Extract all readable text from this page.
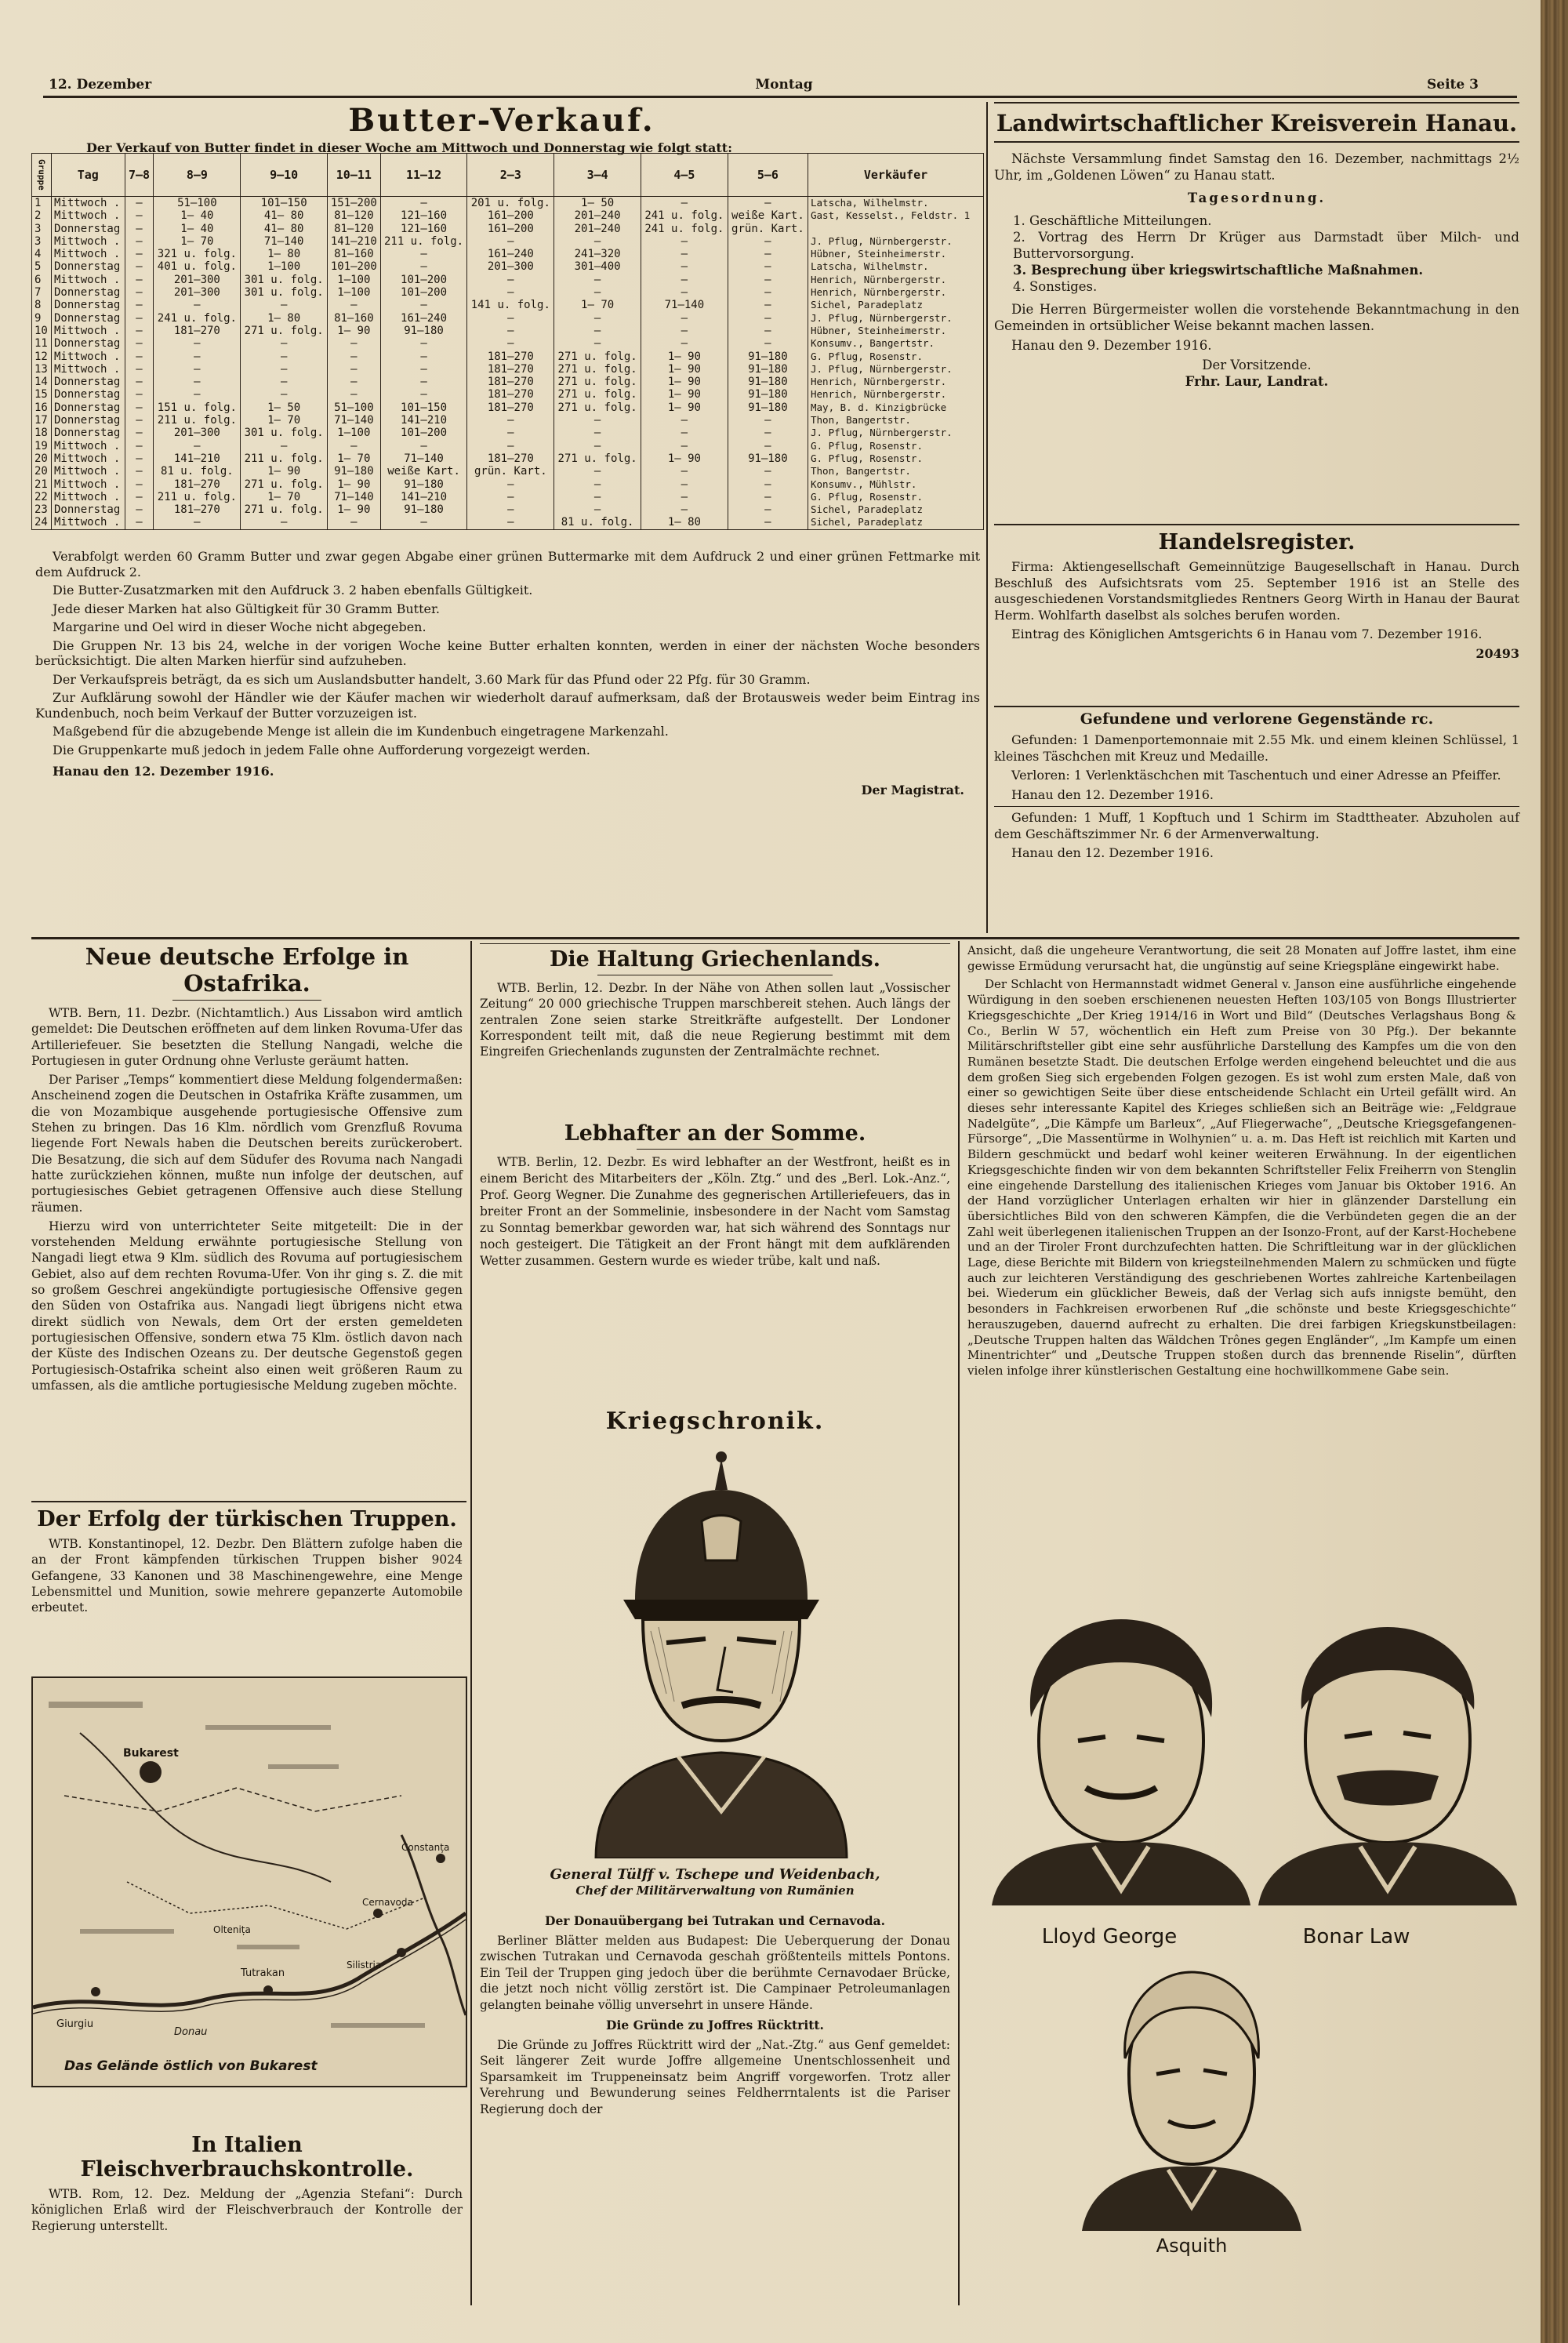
12. Dezember	Montag	Seite 3
Butter-Verkauf.
Der Verkauf von Butter findet in dieser Woche am Mittwoch und Donnerstag wie folgt statt:
Gruppe	Tag	7—8	8—9	9—10	10—11	11—12	2—3	3—4	4—5	5—6	Verkäufer
1	Mittwoch .	—	51—100	101—150	151—200	—	201 u. folg.	1— 50	—	—	Latscha, Wilhelmstr.
2	Mittwoch .	—	1— 40	41— 80	81—120	121—160	161—200	201—240	241 u. folg.	weiße Kart.	Gast, Kesselst., Feldstr. 1
3	Donnerstag	—	1— 40	41— 80	81—120	121—160	161—200	201—240	241 u. folg.	grün. Kart.	
3	Mittwoch .	—	1— 70	71—140	141—210	211 u. folg.	—	—	—	—	J. Pflug, Nürnbergerstr.
4	Mittwoch .	—	321 u. folg.	1— 80	81—160	—	161—240	241—320	—	—	Hübner, Steinheimerstr.
5	Donnerstag	—	401 u. folg.	1—100	101—200	—	201—300	301—400	—	—	Latscha, Wilhelmstr.
6	Mittwoch .	—	201—300	301 u. folg.	1—100	101—200	—	—	—	—	Henrich, Nürnbergerstr.
7	Donnerstag	—	201—300	301 u. folg.	1—100	101—200	—	—	—	—	Henrich, Nürnbergerstr.
8	Donnerstag	—	—	—	—	—	141 u. folg.	1— 70	71—140	—	Sichel, Paradeplatz
9	Donnerstag	—	241 u. folg.	1— 80	81—160	161—240	—	—	—	—	J. Pflug, Nürnbergerstr.
10	Mittwoch .	—	181—270	271 u. folg.	1— 90	91—180	—	—	—	—	Hübner, Steinheimerstr.
11	Donnerstag	—	—	—	—	—	—	—	—	—	Konsumv., Bangertstr.
12	Mittwoch .	—	—	—	—	—	181—270	271 u. folg.	1— 90	91—180	G. Pflug, Rosenstr.
13	Mittwoch .	—	—	—	—	—	181—270	271 u. folg.	1— 90	91—180	J. Pflug, Nürnbergerstr.
14	Donnerstag	—	—	—	—	—	181—270	271 u. folg.	1— 90	91—180	Henrich, Nürnbergerstr.
15	Donnerstag	—	—	—	—	—	181—270	271 u. folg.	1— 90	91—180	Henrich, Nürnbergerstr.
16	Donnerstag	—	151 u. folg.	1— 50	51—100	101—150	181—270	271 u. folg.	1— 90	91—180	May, B. d. Kinzigbrücke
17	Donnerstag	—	211 u. folg.	1— 70	71—140	141—210	—	—	—	—	Thon, Bangertstr.
18	Donnerstag	—	201—300	301 u. folg.	1—100	101—200	—	—	—	—	J. Pflug, Nürnbergerstr.
19	Mittwoch .	—	—	—	—	—	—	—	—	—	G. Pflug, Rosenstr.
20	Mittwoch .	—	141—210	211 u. folg.	1— 70	71—140	181—270	271 u. folg.	1— 90	91—180	G. Pflug, Rosenstr.
20	Mittwoch .	—	81 u. folg.	1— 90	91—180	weiße Kart.	grün. Kart.	—	—	—	Thon, Bangertstr.
21	Mittwoch .	—	181—270	271 u. folg.	1— 90	91—180	—	—	—	—	Konsumv., Mühlstr.
22	Mittwoch .	—	211 u. folg.	1— 70	71—140	141—210	—	—	—	—	G. Pflug, Rosenstr.
23	Donnerstag	—	181—270	271 u. folg.	1— 90	91—180	—	—	—	—	Sichel, Paradeplatz
24	Mittwoch .	—	—	—	—	—	—	81 u. folg.	1— 80	—	Sichel, Paradeplatz

Verabfolgt werden 60 Gramm Butter und zwar gegen Abgabe einer grünen Buttermarke mit dem Aufdruck 2 und einer grünen Fettmarke mit dem Aufdruck 2.

Die Butter-Zusatzmarken mit den Aufdruck 3. 2 haben ebenfalls Gültigkeit.

Jede dieser Marken hat also Gültigkeit für 30 Gramm Butter.

Margarine und Oel wird in dieser Woche nicht abgegeben.

Die Gruppen Nr. 13 bis 24, welche in der vorigen Woche keine Butter erhalten konnten, werden in einer der nächsten Woche besonders berücksichtigt. Die alten Marken hierfür sind aufzuheben.

Der Verkaufspreis beträgt, da es sich um Auslandsbutter handelt, 3.60 Mark für das Pfund oder 22 Pfg. für 30 Gramm.

Zur Aufklärung sowohl der Händler wie der Käufer machen wir wiederholt darauf aufmerksam, daß der Brotausweis weder beim Eintrag ins Kundenbuch, noch beim Verkauf der Butter vorzuzeigen ist.

Maßgebend für die abzugebende Menge ist allein die im Kundenbuch eingetragene Markenzahl.

Die Gruppenkarte muß jedoch in jedem Falle ohne Aufforderung vorgezeigt werden.

Hanau den 12. Dezember 1916.

Der Magistrat.
Landwirtschaftlicher Kreisverein Hanau.

Nächste Versammlung findet Samstag den 16. Dezember, nachmittags 2½ Uhr, im „Goldenen Löwen“ zu Hanau statt.

Tagesordnung.
1. Geschäftliche Mitteilungen.
2. Vortrag des Herrn Dr Krüger aus Darmstadt über Milch- und Buttervorsorgung.
3. Besprechung über kriegswirtschaftliche Maßnahmen.
4. Sonstiges.

Die Herren Bürgermeister wollen die vorstehende Bekanntmachung in den Gemeinden in ortsüblicher Weise bekannt machen lassen.

Hanau den 9. Dezember 1916.

Der Vorsitzende.
Frhr. Laur, Landrat.
Handelsregister.

Firma: Aktiengesellschaft Gemeinnützige Baugesellschaft in Hanau. Durch Beschluß des Aufsichtsrats vom 25. September 1916 ist an Stelle des ausgeschiedenen Vorstandsmitgliedes Rentners Georg Wirth in Hanau der Baurat Herm. Wohlfarth daselbst als solches berufen worden.

Eintrag des Königlichen Amtsgerichts 6 in Hanau vom 7. Dezember 1916.

20493
Gefundene und verlorene Gegenstände rc.

Gefunden: 1 Damenportemonnaie mit 2.55 Mk. und einem kleinen Schlüssel, 1 kleines Täschchen mit Kreuz und Medaille.

Verloren: 1 Verlenktäschchen mit Taschentuch und einer Adresse an Pfeiffer.

Hanau den 12. Dezember 1916.

Gefunden: 1 Muff, 1 Kopftuch und 1 Schirm im Stadttheater. Abzuholen auf dem Geschäftszimmer Nr. 6 der Armenverwaltung.

Hanau den 12. Dezember 1916.

Neue deutsche Erfolge in Ostafrika.

WTB. Bern, 11. Dezbr. (Nichtamtlich.) Aus Lissabon wird amtlich gemeldet: Die Deutschen eröffneten auf dem linken Rovuma-Ufer das Artilleriefeuer. Sie besetzten die Stellung Nangadi, welche die Portugiesen in guter Ordnung ohne Verluste geräumt hatten.

Der Pariser „Temps“ kommentiert diese Meldung folgendermaßen: Anscheinend zogen die Deutschen in Ostafrika Kräfte zusammen, um die von Mozambique ausgehende portugiesische Offensive zum Stehen zu bringen. Das 16 Klm. nördlich vom Grenzfluß Rovuma liegende Fort Newals haben die Deutschen bereits zurückerobert. Die Besatzung, die sich auf dem Südufer des Rovuma nach Nangadi hatte zurückziehen können, mußte nun infolge der deutschen, auf portugiesisches Gebiet getragenen Offensive auch diese Stellung räumen.

Hierzu wird von unterrichteter Seite mitgeteilt: Die in der vorstehenden Meldung erwähnte portugiesische Stellung von Nangadi liegt etwa 9 Klm. südlich des Rovuma auf portugiesischem Gebiet, also auf dem rechten Rovuma-Ufer. Von ihr ging s. Z. die mit so großem Geschrei angekündigte portugiesische Offensive gegen den Süden von Ostafrika aus. Nangadi liegt übrigens nicht etwa direkt südlich von Newals, dem Ort der ersten gemeldeten portugiesischen Offensive, sondern etwa 75 Klm. östlich davon nach der Küste des Indischen Ozeans zu. Der deutsche Gegenstoß gegen Portugiesisch-Ostafrika scheint also einen weit größeren Raum zu umfassen, als die amtliche portugiesische Meldung zugeben möchte.

Der Erfolg der türkischen Truppen.

WTB. Konstantinopel, 12. Dezbr. Den Blättern zufolge haben die an der Front kämpfenden türkischen Truppen bisher 9024 Gefangene, 33 Kanonen und 38 Maschinengewehre, eine Menge Lebensmittel und Munition, sowie mehrere gepanzerte Automobile erbeutet.

Bukarest
Giurgiu
Tutrakan
Donau
Oltenița
Silistria
Constanța
Cernavoda
Das Gelände östlich von Bukarest
In Italien Fleischverbrauchskontrolle.

WTB. Rom, 12. Dez. Meldung der „Agenzia Stefani“: Durch königlichen Erlaß wird der Fleischverbrauch der Kontrolle der Regierung unterstellt.

Die Haltung Griechenlands.

WTB. Berlin, 12. Dezbr. In der Nähe von Athen sollen laut „Vossischer Zeitung“ 20 000 griechische Truppen marschbereit stehen. Auch längs der zentralen Zone seien starke Streitkräfte aufgestellt. Der Londoner Korrespondent teilt mit, daß die neue Regierung bestimmt mit dem Eingreifen Griechenlands zugunsten der Zentralmächte rechnet.

Lebhafter an der Somme.

WTB. Berlin, 12. Dezbr. Es wird lebhafter an der Westfront, heißt es in einem Bericht des Mitarbeiters der „Köln. Ztg.“ und des „Berl. Lok.-Anz.“, Prof. Georg Wegner. Die Zunahme des gegnerischen Artilleriefeuers, das in breiter Front an der Sommelinie, insbesondere in der Nacht vom Samstag zu Sonntag bemerkbar geworden war, hat sich während des Sonntags nur noch gesteigert. Die Tätigkeit an der Front hängt mit dem aufklärenden Wetter zusammen. Gestern wurde es wieder trübe, kalt und naß.

Kriegschronik.
General Tülff v. Tschepe und Weidenbach,
Chef der Militärverwaltung von Rumänien
Der Donauübergang bei Tutrakan und Cernavoda.

Berliner Blätter melden aus Budapest: Die Ueberquerung der Donau zwischen Tutrakan und Cernavoda geschah größtenteils mittels Pontons. Ein Teil der Truppen ging jedoch über die berühmte Cernavodaer Brücke, die jetzt noch nicht völlig zerstört ist. Die Campinaer Petroleumanlagen gelangten beinahe völlig unversehrt in unsere Hände.

Die Gründe zu Joffres Rücktritt.

Die Gründe zu Joffres Rücktritt wird der „Nat.-Ztg.“ aus Genf gemeldet: Seit längerer Zeit wurde Joffre allgemeine Unentschlossenheit und Sparsamkeit im Truppeneinsatz beim Angriff vorgeworfen. Trotz aller Verehrung und Bewunderung seines Feldherrntalents ist die Pariser Regierung doch der

Ansicht, daß die ungeheure Verantwortung, die seit 28 Monaten auf Joffre lastet, ihm eine gewisse Ermüdung verursacht hat, die ungünstig auf seine Kriegspläne eingewirkt habe.

Der Schlacht von Hermannstadt widmet General v. Janson eine ausführliche eingehende Würdigung in den soeben erschienenen neuesten Heften 103/105 von Bongs Illustrierter Kriegsgeschichte „Der Krieg 1914/16 in Wort und Bild“ (Deutsches Verlagshaus Bong & Co., Berlin W 57, wöchentlich ein Heft zum Preise von 30 Pfg.). Der bekannte Militärschriftsteller gibt eine sehr ausführliche Darstellung des Kampfes um die von den Rumänen besetzte Stadt. Die deutschen Erfolge werden eingehend beleuchtet und die aus dem großen Sieg sich ergebenden Folgen gezogen. Es ist wohl zum ersten Male, daß von einer so gewichtigen Seite über diese entscheidende Schlacht ein Urteil gefällt wird. An dieses sehr interessante Kapitel des Krieges schließen sich an Beiträge wie: „Feldgraue Nadelgüte“, „Die Kämpfe um Barleux“, „Auf Fliegerwache“, „Deutsche Kriegsgefangenen-Fürsorge“, „Die Massentürme in Wolhynien“ u. a. m. Das Heft ist reichlich mit Karten und Bildern geschmückt und bedarf wohl keiner weiteren Erwähnung. In der eigentlichen Kriegsgeschichte finden wir von dem bekannten Schriftsteller Felix Freiherrn von Stenglin eine eingehende Darstellung des italienischen Krieges vom Januar bis Oktober 1916. An der Hand vorzüglicher Unterlagen erhalten wir hier in glänzender Darstellung ein übersichtliches Bild von den schweren Kämpfen, die die Verbündeten gegen die an der Zahl weit überlegenen italienischen Truppen an der Isonzo-Front, auf der Karst-Hochebene und an der Tiroler Front durchzufechten hatten. Die Schriftleitung war in der glücklichen Lage, diese Berichte mit Bildern von kriegsteilnehmenden Malern zu schmücken und fügte auch zur leichteren Verständigung des geschriebenen Wortes zahlreiche Kartenbeilagen bei. Wiederum ein glücklicher Beweis, daß der Verlag sich aufs innigste bemüht, den besonders in Fachkreisen erworbenen Ruf „die schönste und beste Kriegsgeschichte“ herauszugeben, dauernd aufrecht zu erhalten. Die drei farbigen Kriegskunstbeilagen: „Deutsche Truppen halten das Wäldchen Trônes gegen Engländer“, „Im Kampfe um einen Minentrichter“ und „Deutsche Truppen stoßen durch das brennende Riselin“, dürften vielen infolge ihrer künstlerischen Gestaltung eine hochwillkommene Gabe sein.

Lloyd George	Bonar Law
Asquith
